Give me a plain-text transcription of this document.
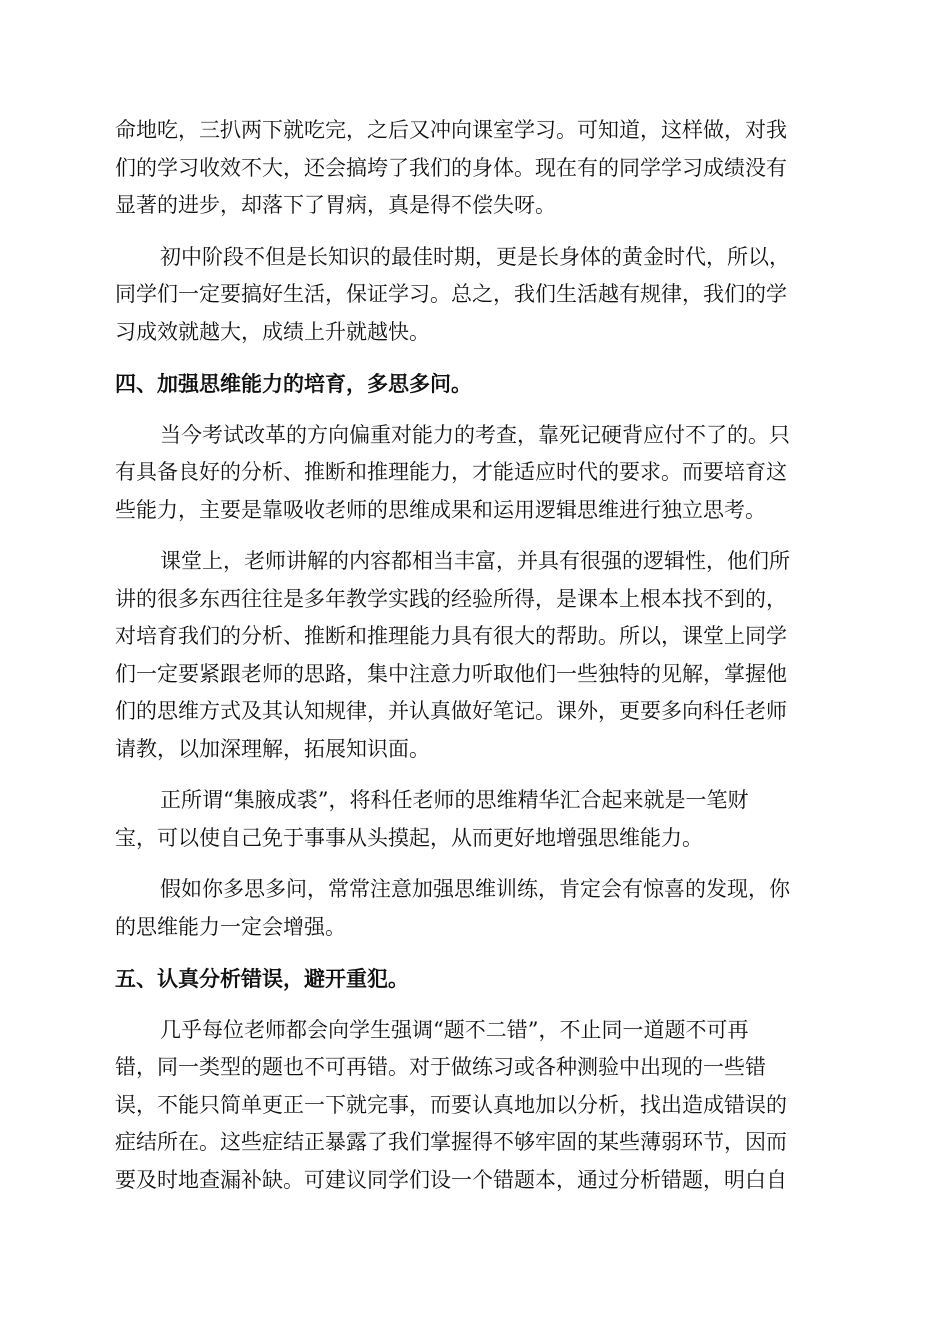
命地吃，三扒两下就吃完，之后又冲向课室学习。可知道，这样做，对我
们的学习收效不大，还会搞垮了我们的身体。现在有的同学学习成绩没有
显著的进步，却落下了胃病，真是得不偿失呀。
初中阶段不但是长知识的最佳时期，更是长身体的黄金时代，所以，
同学们一定要搞好生活，保证学习。总之，我们生活越有规律，我们的学
习成效就越大，成绩上升就越快。
四、加强思维能力的培育，多思多问。
当今考试改革的方向偏重对能力的考查，靠死记硬背应付不了的。只
有具备良好的分析、推断和推理能力，才能适应时代的要求。而要培育这
些能力，主要是靠吸收老师的思维成果和运用逻辑思维进行独立思考。
课堂上，老师讲解的内容都相当丰富，并具有很强的逻辑性，他们所
讲的很多东西往往是多年教学实践的经验所得，是课本上根本找不到的，
对培育我们的分析、推断和推理能力具有很大的帮助。所以，课堂上同学
们一定要紧跟老师的思路，集中注意力听取他们一些独特的见解，掌握他
们的思维方式及其认知规律，并认真做好笔记。课外，更要多向科任老师
请教，以加深理解，拓展知识面。
正所谓“集腋成裘”，将科任老师的思维精华汇合起来就是一笔财
宝，可以使自己免于事事从头摸起，从而更好地增强思维能力。
假如你多思多问，常常注意加强思维训练，肯定会有惊喜的发现，你
的思维能力一定会增强。
五、认真分析错误，避开重犯。
几乎每位老师都会向学生强调“题不二错”，不止同一道题不可再
错，同一类型的题也不可再错。对于做练习或各种测验中出现的一些错
误，不能只简单更正一下就完事，而要认真地加以分析，找出造成错误的
症结所在。这些症结正暴露了我们掌握得不够牢固的某些薄弱环节，因而
要及时地查漏补缺。可建议同学们设一个错题本，通过分析错题，明白自
